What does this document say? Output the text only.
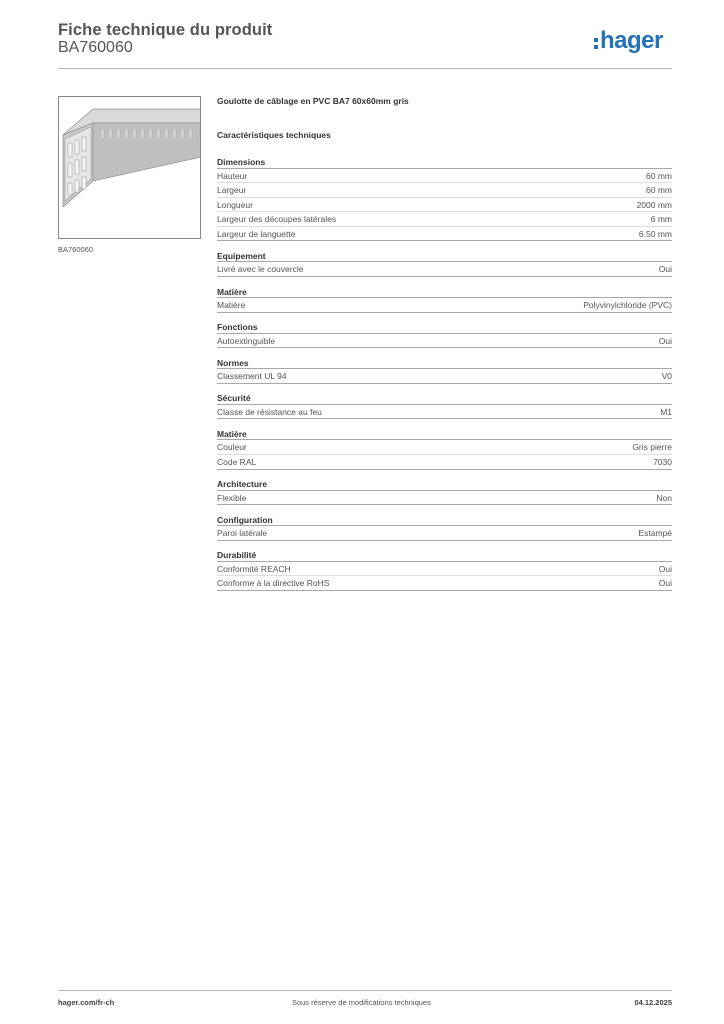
Fiche technique du produit
BA760060	hager
BA760060
Goulotte de câblage en PVC BA7 60x60mm gris
Caractéristiques techniques
Dimensions
Hauteur	60 mm
Largeur	60 mm
Longueur	2000 mm
Largeur des découpes latérales	6 mm
Largeur de languette	6.50 mm
Equipement
Livré avec le couvercle	Oui
Matière
Matière	Polyvinylchloride (PVC)
Fonctions
Autoextinguible	Oui
Normes
Classement UL 94	V0
Sécurité
Classe de résistance au feu	M1
Matière
Couleur	Gris pierre
Code RAL	7030
Architecture
Flexible	Non
Configuration
Paroi latérale	Estampé
Durabilité
Conformité REACH	Oui
Conforme à la directive RoHS	Oui
hager.com/fr-ch	Sous réserve de modifications techniques	04.12.2025
